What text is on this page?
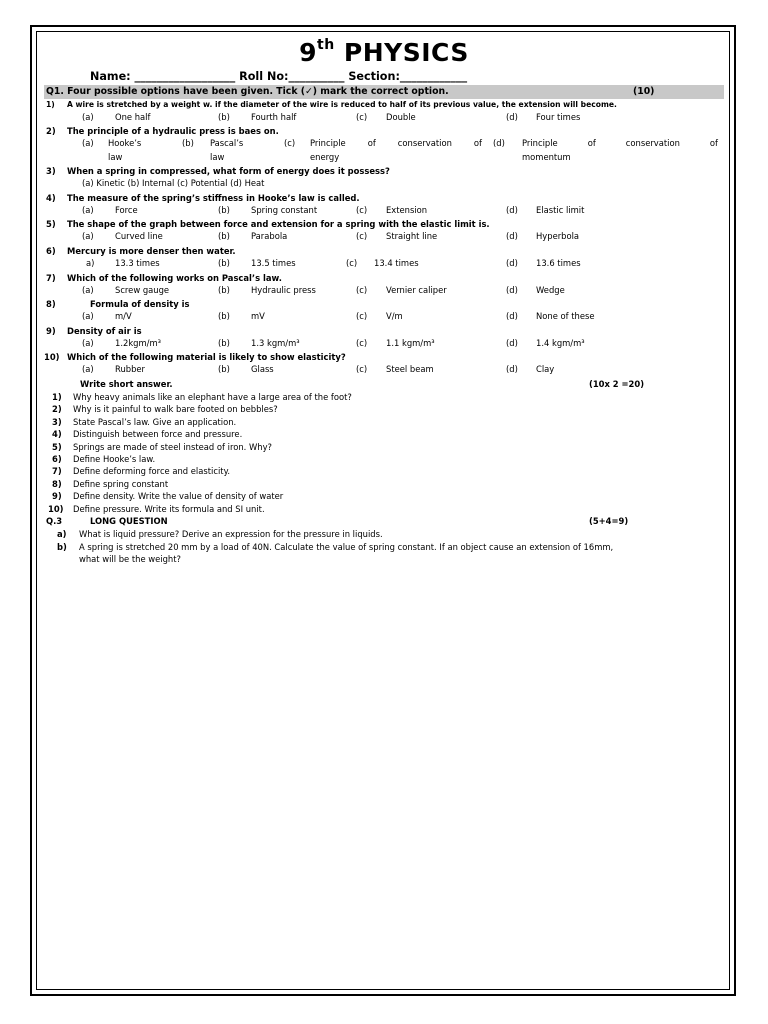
9th PHYSICS
Name: __________________ Roll No:__________ Section:____________
Q1. Four possible options have been given. Tick (✓) mark the correct option.	(10)
1) A wire is stretched by a weight w. if the diameter of the wire is reduced to half of its previous value, the extension will become.
(a)	One half	(b)	Fourth half	(c) Double	(d) Four times
2) The principle of a hydraulic press is baes on.
(a) Hooke’s	(b) Pascal’s	(c) Principle of conservation of (d) Principle of conservation of
law	law	energy	momentum
3) When a spring in compressed, what form of energy does it possess?
(a) Kinetic (b) Internal (c) Potential (d) Heat
4) The measure of the spring’s stiffness in Hooke’s law is called.
(a)	Force	(b)	Spring constant	(c) Extension	(d) Elastic limit
5) The shape of the graph between force and extension for a spring with the elastic limit is.
(a)	Curved line	(b)	Parabola	(c) Straight line	(d) Hyperbola
6) Mercury is more denser then water.
a) 13.3 times	(b)	13.5 times	(c) 13.4 times	(d) 13.6 times
7) Which of the following works on Pascal’s law.
(a)	Screw gauge	(b)	Hydraulic press	(c) Vernier caliper	(d) Wedge
8)	Formula of density is
(a)	m/V	(b)	mV	(c) V/m	(d) None of these
9) Density of air is
(a)	1.2kgm/m³	(b)	1.3 kgm/m³	(c) 1.1 kgm/m³	(d) 1.4 kgm/m³
10) Which of the following material is likely to show elasticity?
(a)	Rubber	(b)	Glass	(c) Steel beam	(d) Clay
Write short answer.	(10x 2 =20)
1) Why heavy animals like an elephant have a large area of the foot?
2) Why is it painful to walk bare footed on bebbles?
3) State Pascal’s law. Give an application.
4) Distinguish between force and pressure.
5) Springs are made of steel instead of iron. Why?
6) Define Hooke’s law.
7) Define deforming force and elasticity.
8) Define spring constant
9) Define density. Write the value of density of water
10) Define pressure. Write its formula and SI unit.
Q.3	LONG QUESTION	(5+4=9)
a) What is liquid pressure? Derive an expression for the pressure in liquids.
b) A spring is stretched 20 mm by a load of 40N. Calculate the value of spring constant. If an object cause an extension of 16mm,
what will be the weight?
